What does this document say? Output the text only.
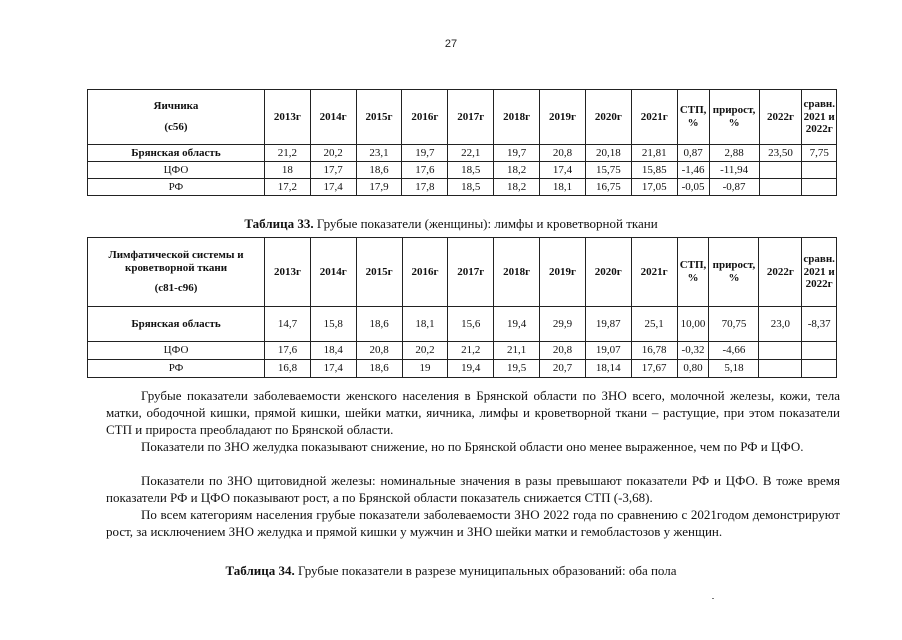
27
Яичника
(с56)	2013г	2014г	2015г	2016г	2017г	2018г	2019г	2020г	2021г	СТП, %	прирост, %	2022г	сравн. 2021 и 2022г
Брянская область	21,2	20,2	23,1	19,7	22,1	19,7	20,8	20,18	21,81	0,87	2,88	23,50	7,75
ЦФО	18	17,7	18,6	17,6	18,5	18,2	17,4	15,75	15,85	-1,46	-11,94		
РФ	17,2	17,4	17,9	17,8	18,5	18,2	18,1	16,75	17,05	-0,05	-0,87		
Таблица 33. Грубые показатели (женщины): лимфы и кроветворной ткани
Лимфатической системы и кроветворной ткани
(с81-с96)	2013г	2014г	2015г	2016г	2017г	2018г	2019г	2020г	2021г	СТП, %	прирост, %	2022г	сравн. 2021 и 2022г
Брянская область	14,7	15,8	18,6	18,1	15,6	19,4	29,9	19,87	25,1	10,00	70,75	23,0	-8,37
ЦФО	17,6	18,4	20,8	20,2	21,2	21,1	20,8	19,07	16,78	-0,32	-4,66		
РФ	16,8	17,4	18,6	19	19,4	19,5	20,7	18,14	17,67	0,80	5,18		
Грубые показатели заболеваемости женского населения в Брянской области по ЗНО всего, молочной железы, кожи, тела матки, ободочной кишки, прямой кишки, шейки матки, яичника, лимфы и кроветворной ткани – растущие, при этом показатели СТП и прироста преобладают по Брянской области.
Показатели по ЗНО желудка показывают снижение, но по Брянской области оно менее выраженное, чем по РФ и ЦФО.
Показатели по ЗНО щитовидной железы: номинальные значения в разы превышают показатели РФ и ЦФО. В тоже время показатели РФ и ЦФО показывают рост, а по Брянской области показатель снижается СТП (-3,68).
По всем категориям населения грубые показатели заболеваемости ЗНО 2022 года по сравнению с 2021годом демонстрируют рост, за исключением ЗНО желудка и прямой кишки у мужчин и ЗНО шейки матки и гемобластозов у женщин.
Таблица 34. Грубые показатели в разрезе муниципальных образований: оба пола
